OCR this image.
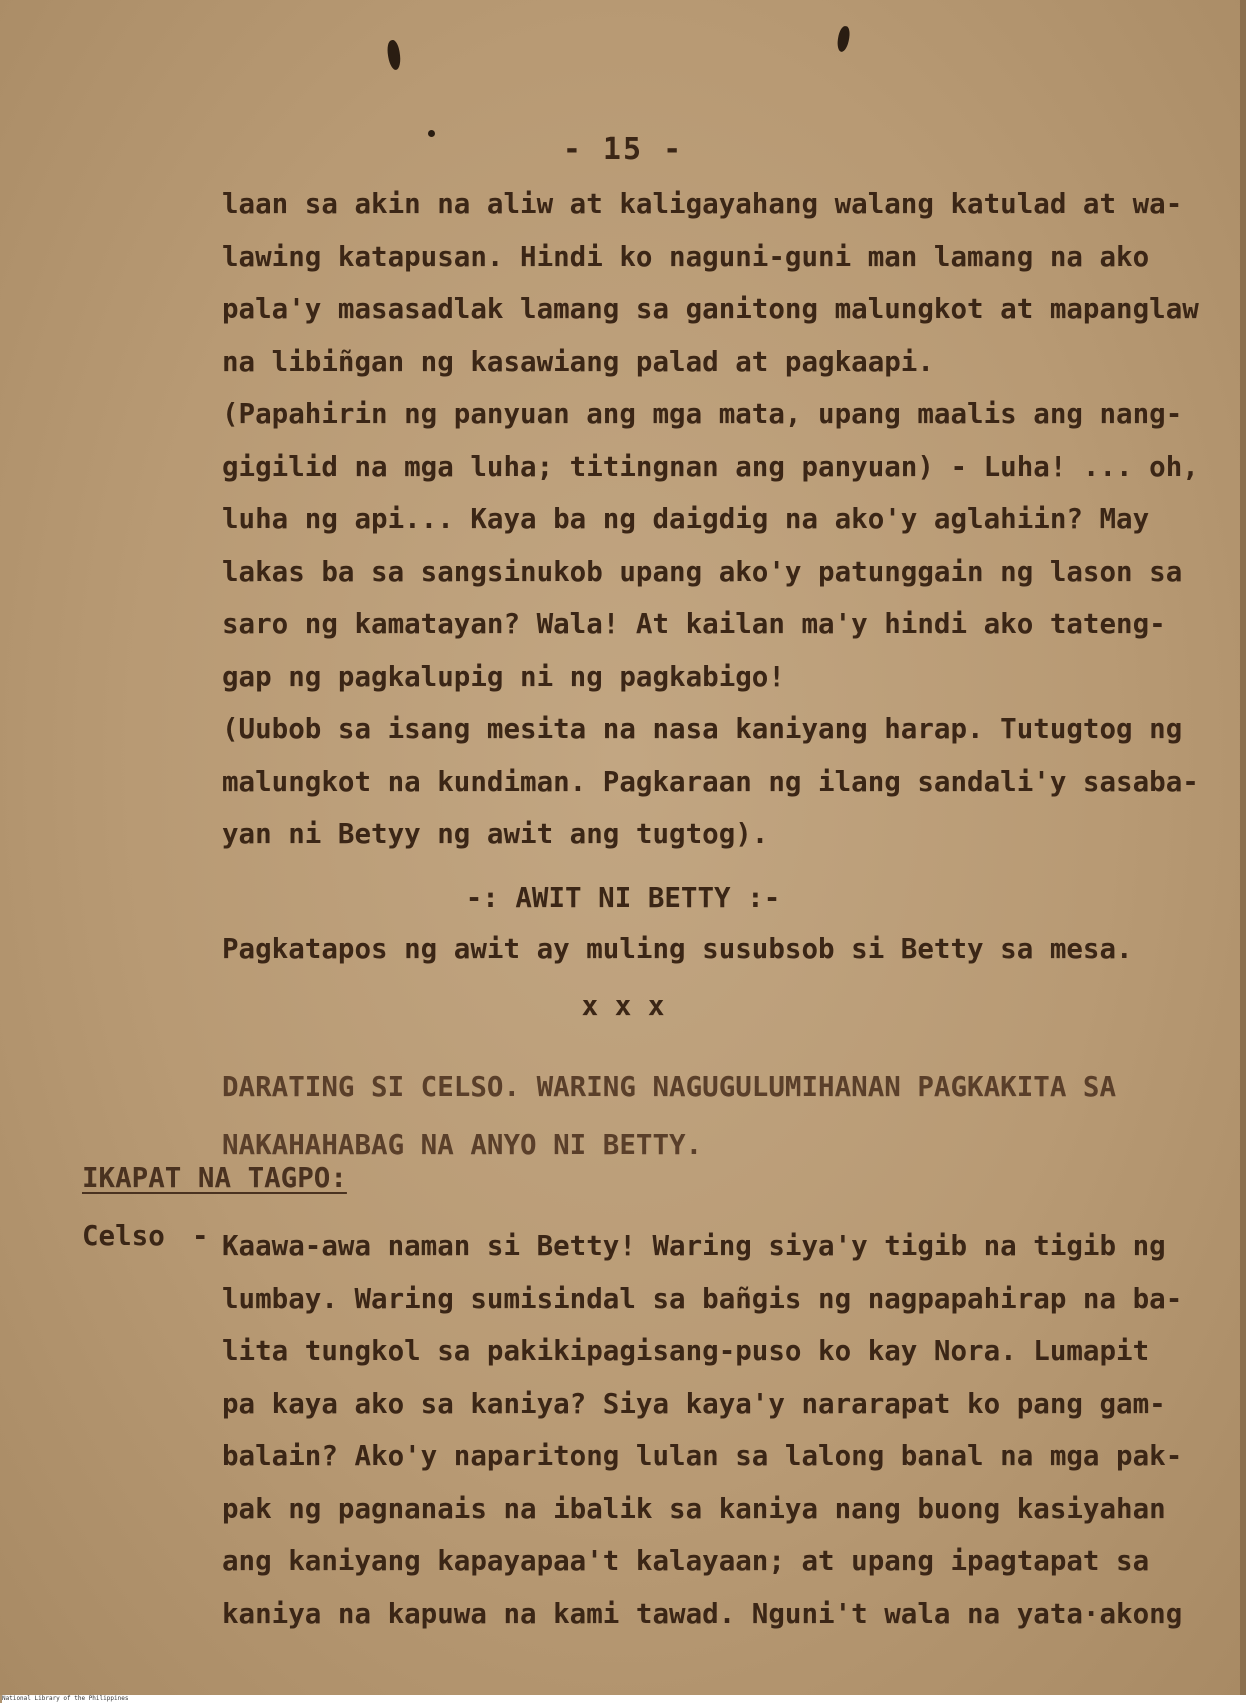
- 15 -
laan sa akin na aliw at kaligayahang walang katulad at wa-
lawing katapusan. Hindi ko naguni-guni man lamang na ako
pala'y masasadlak lamang sa ganitong malungkot at mapanglaw
na libiñgan ng kasawiang palad at pagkaapi.
(Papahirin ng panyuan ang mga mata, upang maalis ang nang-
gigilid na mga luha; titingnan ang panyuan) - Luha! ... oh,
luha ng api... Kaya ba ng daigdig na ako'y aglahiin? May
lakas ba sa sangsinukob upang ako'y patunggain ng lason sa
saro ng kamatayan? Wala! At kailan ma'y hindi ako tateng-
gap ng pagkalupig ni ng pagkabigo!
(Uubob sa isang mesita na nasa kaniyang harap. Tutugtog ng
malungkot na kundiman. Pagkaraan ng ilang sandali'y sasaba-
yan ni Betyy ng awit ang tugtog).
-: AWIT NI BETTY :-
Pagkatapos ng awit ay muling susubsob si Betty sa mesa.
x x x
DARATING SI CELSO. WARING NAGUGULUMIHANAN PAGKAKITA SA
NAKAHAHABAG NA ANYO NI BETTY.
IKAPAT NA TAGPO:
Celso - Kaawa-awa naman si Betty! Waring siya'y tigib na tigib ng
lumbay. Waring sumisindal sa bañgis ng nagpapahirap na ba-
lita tungkol sa pakikipagisang-puso ko kay Nora. Lumapit
pa kaya ako sa kaniya? Siya kaya'y nararapat ko pang gam-
balain? Ako'y naparitong lulan sa lalong banal na mga pak-
pak ng pagnanais na ibalik sa kaniya nang buong kasiyahan
ang kaniyang kapayapaa't kalayaan; at upang ipagtapat sa
kaniya na kapuwa na kami tawad. Nguni't wala na yata·akong
National Library of the Philippines
